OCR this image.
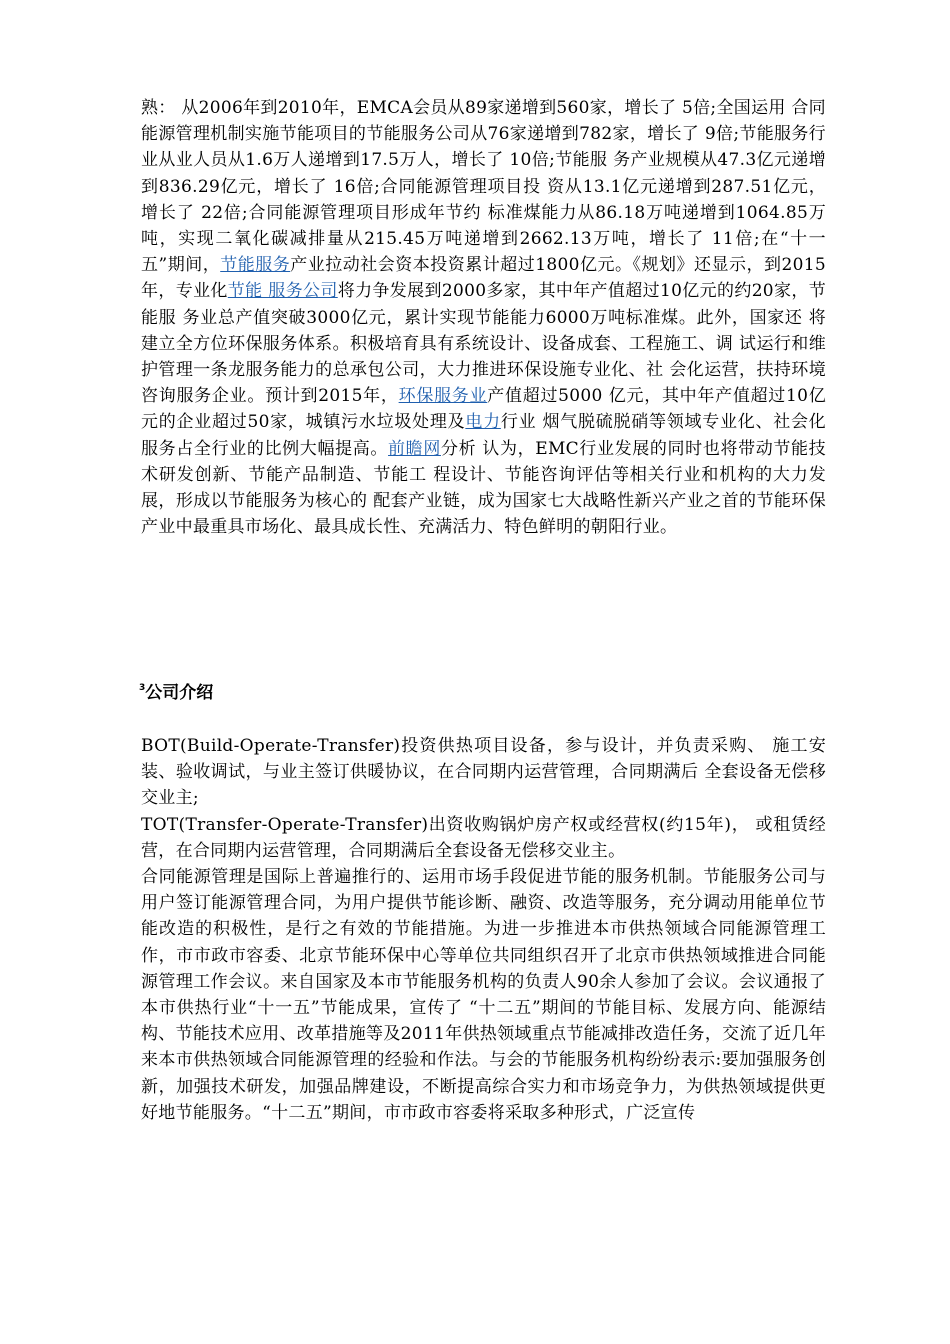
熟： 从2006年到2010年，EMCA会员从89家递增到560家，增长了 5倍;全国运用 合同能源管理机制实施节能项目的节能服务公司从76家递增到782家，增长了 9倍;节能服务行业从业人员从1.6万人递增到17.5万人，增长了 10倍;节能服 务产业规模从47.3亿元递增到836.29亿元，增长了 16倍;合同能源管理项目投 资从13.1亿元递增到287.51亿元，增长了 22倍;合同能源管理项目形成年节约 标准煤能力从86.18万吨递增到1064.85万吨，实现二氧化碳减排量从215.45万吨递增到2662.13万吨，增长了 11倍;在“十一五”期间，节能服务产业拉动社会资本投资累计超过1800亿元。《规划》还显示，到2015年，专业化节能 服务公司将力争发展到2000多家，其中年产值超过10亿元的约20家，节能服 务业总产值突破3000亿元，累计实现节能能力6000万吨标准煤。此外，国家还 将建立全方位环保服务体系。积极培育具有系统设计、设备成套、工程施工、调 试运行和维护管理一条龙服务能力的总承包公司，大力推进环保设施专业化、社 会化运营，扶持环境咨询服务企业。预计到2015年，环保服务业产值超过5000 亿元，其中年产值超过10亿元的企业超过50家，城镇污水垃圾处理及电力行业 烟气脱硫脱硝等领域专业化、社会化服务占全行业的比例大幅提高。前瞻网分析 认为，EMC行业发展的同时也将带动节能技术研发创新、节能产品制造、节能工 程设计、节能咨询评估等相关行业和机构的大力发展，形成以节能服务为核心的 配套产业链，成为国家七大战略性新兴产业之首的节能环保产业中最重具市场化、最具成长性、充满活力、特色鲜明的朝阳行业。
$^3$公司介绍
BOT(Build-Operate-Transfer)投资供热项目设备，参与设计，并负责采购、 施工安装、验收调试，与业主签订供暖协议，在合同期内运营管理，合同期满后 全套设备无偿移交业主;
TOT(Transfer-Operate-Transfer)出资收购锅炉房产权或经营权(约15年)， 或租赁经营，在合同期内运营管理，合同期满后全套设备无偿移交业主。
合同能源管理是国际上普遍推行的、运用市场手段促进节能的服务机制。节能服务公司与用户签订能源管理合同，为用户提供节能诊断、融资、改造等服务，充分调动用能单位节能改造的积极性，是行之有效的节能措施。为进一步推进本市供热领域合同能源管理工作，市市政市容委、北京节能环保中心等单位共同组织召开了北京市供热领域推进合同能源管理工作会议。来自国家及本市节能服务机构的负责人90余人参加了会议。会议通报了本市供热行业“十一五”节能成果，宣传了 “十二五”期间的节能目标、发展方向、能源结构、节能技术应用、改革措施等及2011年供热领域重点节能减排改造任务，交流了近几年来本市供热领域合同能源管理的经验和作法。与会的节能服务机构纷纷表示:要加强服务创新，加强技术研发，加强品牌建设，不断提高综合实力和市场竞争力，为供热领域提供更好地节能服务。“十二五”期间，市市政市容委将采取多种形式，广泛宣传
